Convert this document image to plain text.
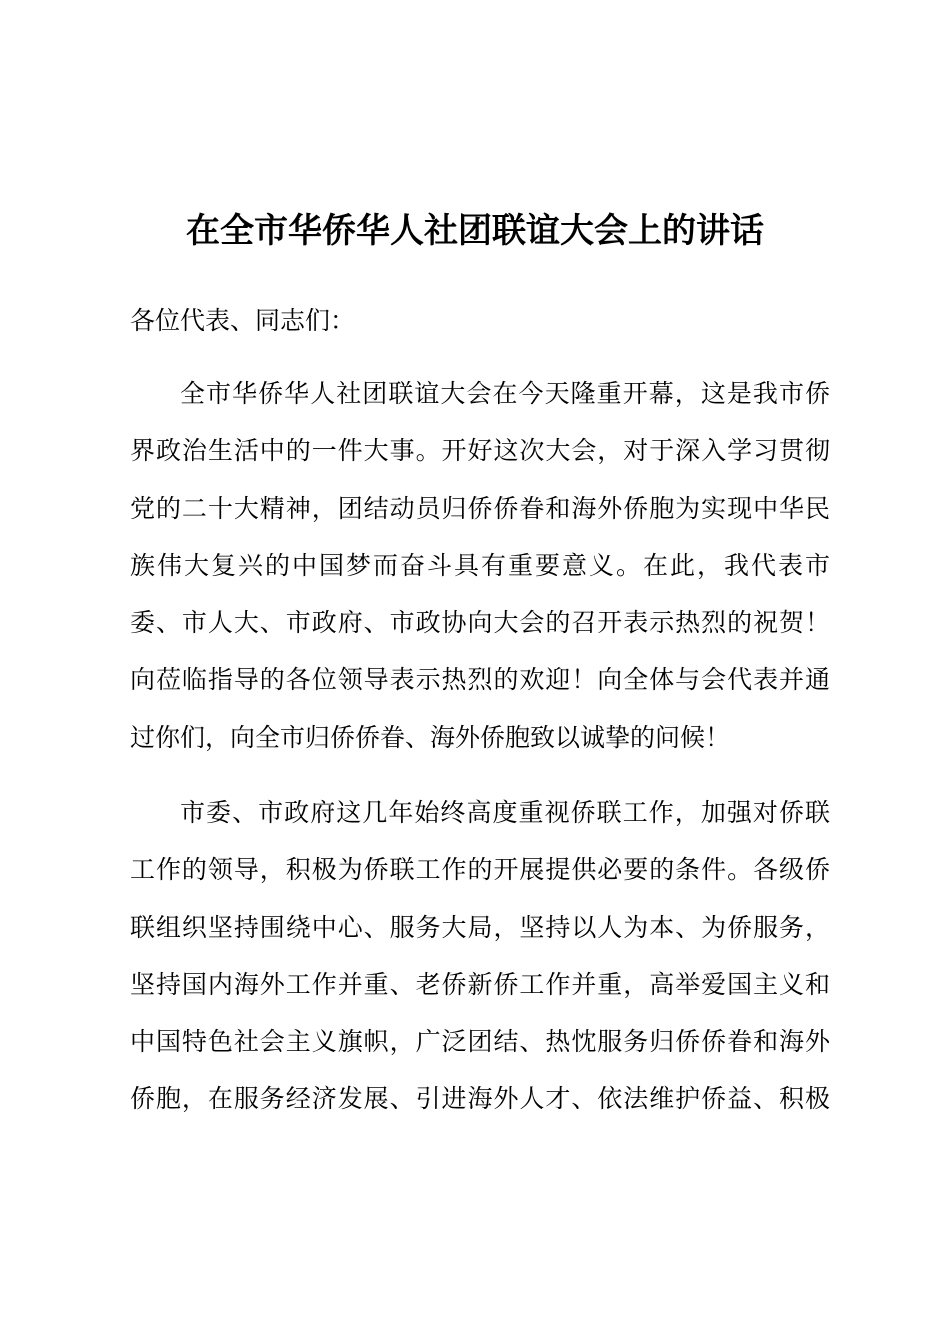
在全市华侨华人社团联谊大会上的讲话
各位代表、同志们：
全市华侨华人社团联谊大会在今天隆重开幕，这是我市侨
界政治生活中的一件大事。开好这次大会，对于深入学习贯彻
党的二十大精神，团结动员归侨侨眷和海外侨胞为实现中华民
族伟大复兴的中国梦而奋斗具有重要意义。在此，我代表市
委、市人大、市政府、市政协向大会的召开表示热烈的祝贺！
向莅临指导的各位领导表示热烈的欢迎！向全体与会代表并通
过你们，向全市归侨侨眷、海外侨胞致以诚挚的问候！
市委、市政府这几年始终高度重视侨联工作，加强对侨联
工作的领导，积极为侨联工作的开展提供必要的条件。各级侨
联组织坚持围绕中心、服务大局，坚持以人为本、为侨服务，
坚持国内海外工作并重、老侨新侨工作并重，高举爱国主义和
中国特色社会主义旗帜，广泛团结、热忱服务归侨侨眷和海外
侨胞，在服务经济发展、引进海外人才、依法维护侨益、积极
